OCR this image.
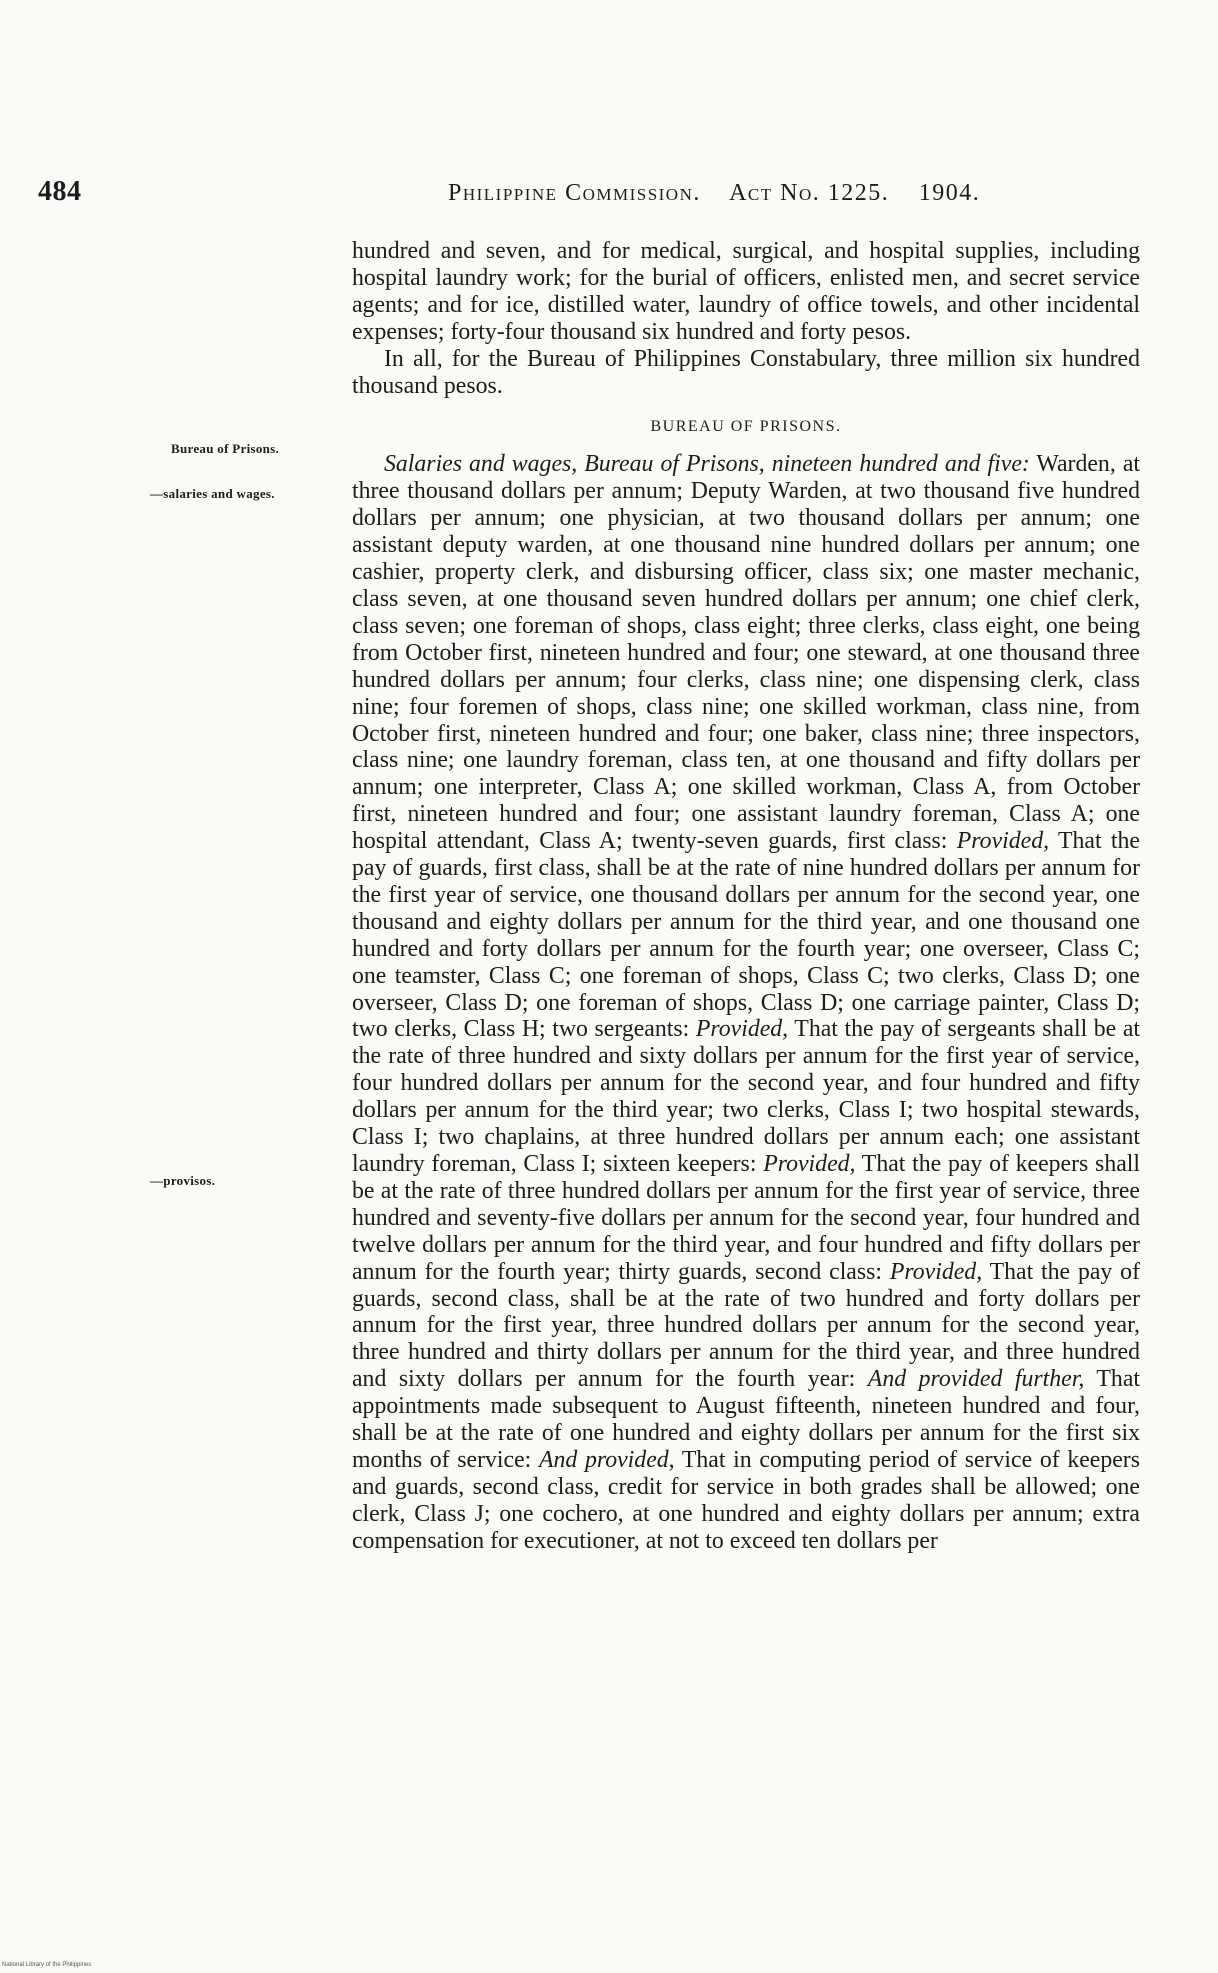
484	Philippine Commission. Act No. 1225. 1904.
Bureau of Prisons.
—salaries and wages.
—provisos.

hundred and seven, and for medical, surgical, and hospital supplies, including hospital laundry work; for the burial of officers, enlisted men, and secret service agents; and for ice, distilled water, laundry of office towels, and other incidental expenses; forty-four thousand six hundred and forty pesos.

In all, for the Bureau of Philippines Constabulary, three million six hundred thousand pesos.

BUREAU OF PRISONS.

Salaries and wages, Bureau of Prisons, nineteen hundred and five: Warden, at three thousand dollars per annum; Deputy Warden, at two thousand five hundred dollars per annum; one physician, at two thousand dollars per annum; one assistant deputy warden, at one thousand nine hundred dollars per annum; one cashier, property clerk, and disbursing officer, class six; one master mechanic, class seven, at one thousand seven hundred dollars per annum; one chief clerk, class seven; one foreman of shops, class eight; three clerks, class eight, one being from October first, nineteen hundred and four; one steward, at one thousand three hundred dollars per annum; four clerks, class nine; one dispensing clerk, class nine; four foremen of shops, class nine; one skilled workman, class nine, from October first, nineteen hundred and four; one baker, class nine; three inspectors, class nine; one laundry foreman, class ten, at one thousand and fifty dollars per annum; one interpreter, Class A; one skilled workman, Class A, from October first, nineteen hundred and four; one assistant laundry foreman, Class A; one hospital attendant, Class A; twenty-seven guards, first class: Provided, That the pay of guards, first class, shall be at the rate of nine hundred dollars per annum for the first year of service, one thousand dollars per annum for the second year, one thousand and eighty dollars per annum for the third year, and one thousand one hundred and forty dollars per annum for the fourth year; one overseer, Class C; one teamster, Class C; one foreman of shops, Class C; two clerks, Class D; one overseer, Class D; one foreman of shops, Class D; one carriage painter, Class D; two clerks, Class H; two sergeants: Provided, That the pay of sergeants shall be at the rate of three hundred and sixty dollars per annum for the first year of service, four hundred dollars per annum for the second year, and four hundred and fifty dollars per annum for the third year; two clerks, Class I; two hospital stewards, Class I; two chaplains, at three hundred dollars per annum each; one assistant laundry foreman, Class I; sixteen keepers: Provided, That the pay of keepers shall be at the rate of three hundred dollars per annum for the first year of service, three hundred and seventy-five dollars per annum for the second year, four hundred and twelve dollars per annum for the third year, and four hundred and fifty dollars per annum for the fourth year; thirty guards, second class: Provided, That the pay of guards, second class, shall be at the rate of two hundred and forty dollars per annum for the first year, three hundred dollars per annum for the second year, three hundred and thirty dollars per annum for the third year, and three hundred and sixty dollars per annum for the fourth year: And provided further, That appointments made subsequent to August fifteenth, nineteen hundred and four, shall be at the rate of one hundred and eighty dollars per annum for the first six months of service: And provided, That in computing period of service of keepers and guards, second class, credit for service in both grades shall be allowed; one clerk, Class J; one cochero, at one hundred and eighty dollars per annum; extra compensation for executioner, at not to exceed ten dollars per

National Library of the Philippines
